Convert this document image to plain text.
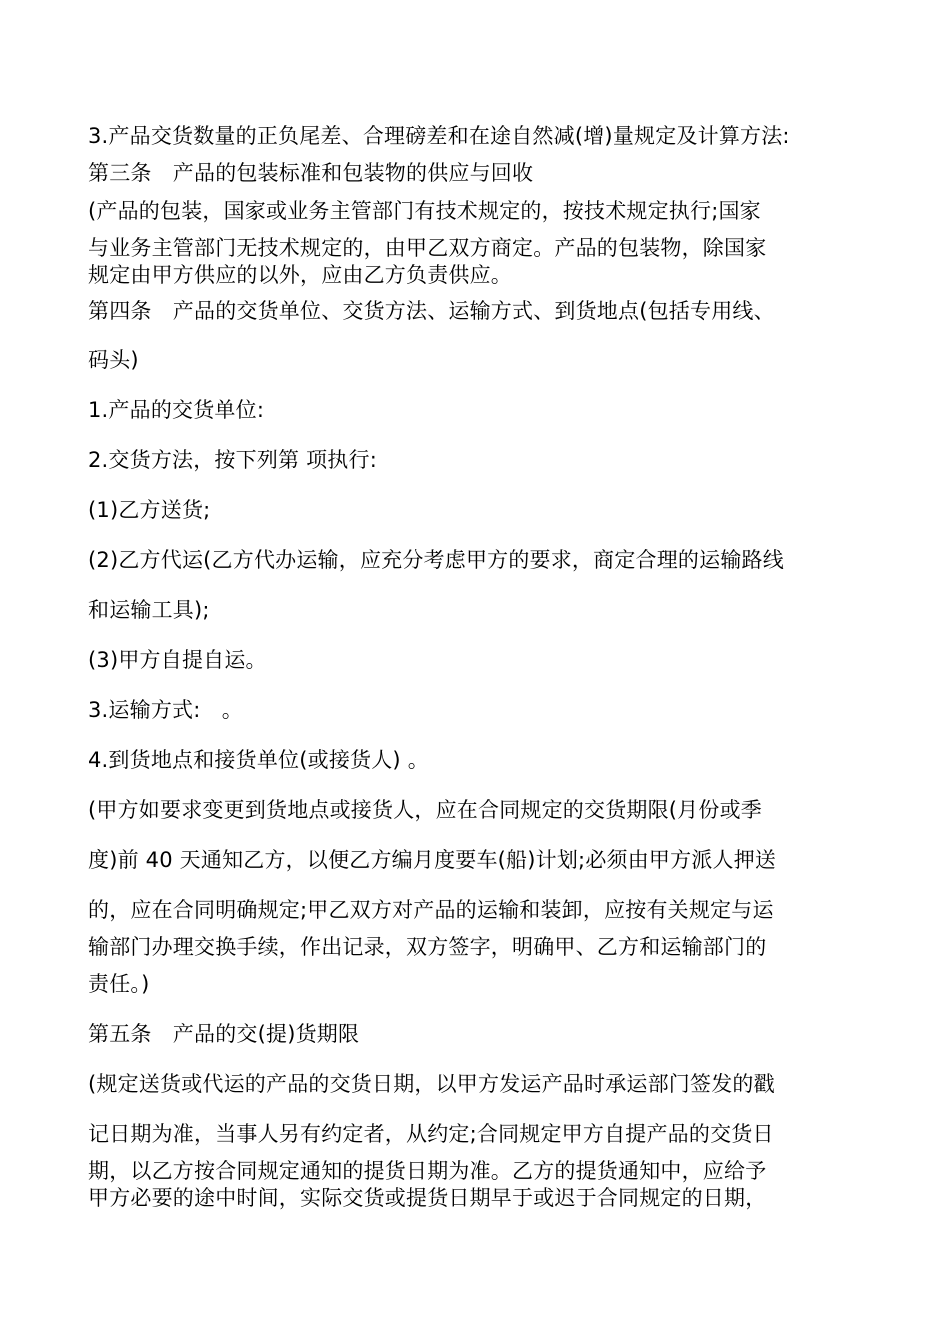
3.产品交货数量的正负尾差、合理磅差和在途自然减(增)量规定及计算方法:
第三条　产品的包装标准和包装物的供应与回收
(产品的包装，国家或业务主管部门有技术规定的，按技术规定执行;国家
与业务主管部门无技术规定的，由甲乙双方商定。产品的包装物，除国家
规定由甲方供应的以外，应由乙方负责供应。
第四条　产品的交货单位、交货方法、运输方式、到货地点(包括专用线、
码头)
1.产品的交货单位:
2.交货方法，按下列第 项执行:
(1)乙方送货;
(2)乙方代运(乙方代办运输，应充分考虑甲方的要求，商定合理的运输路线
和运输工具);
(3)甲方自提自运。
3.运输方式:　。
4.到货地点和接货单位(或接货人) 。
(甲方如要求变更到货地点或接货人，应在合同规定的交货期限(月份或季
度)前 40 天通知乙方，以便乙方编月度要车(船)计划;必须由甲方派人押送
的，应在合同明确规定;甲乙双方对产品的运输和装卸，应按有关规定与运
输部门办理交换手续，作出记录，双方签字，明确甲、乙方和运输部门的
责任。)
第五条　产品的交(提)货期限
(规定送货或代运的产品的交货日期，以甲方发运产品时承运部门签发的戳
记日期为准，当事人另有约定者，从约定;合同规定甲方自提产品的交货日
期，以乙方按合同规定通知的提货日期为准。乙方的提货通知中，应给予
甲方必要的途中时间，实际交货或提货日期早于或迟于合同规定的日期，
